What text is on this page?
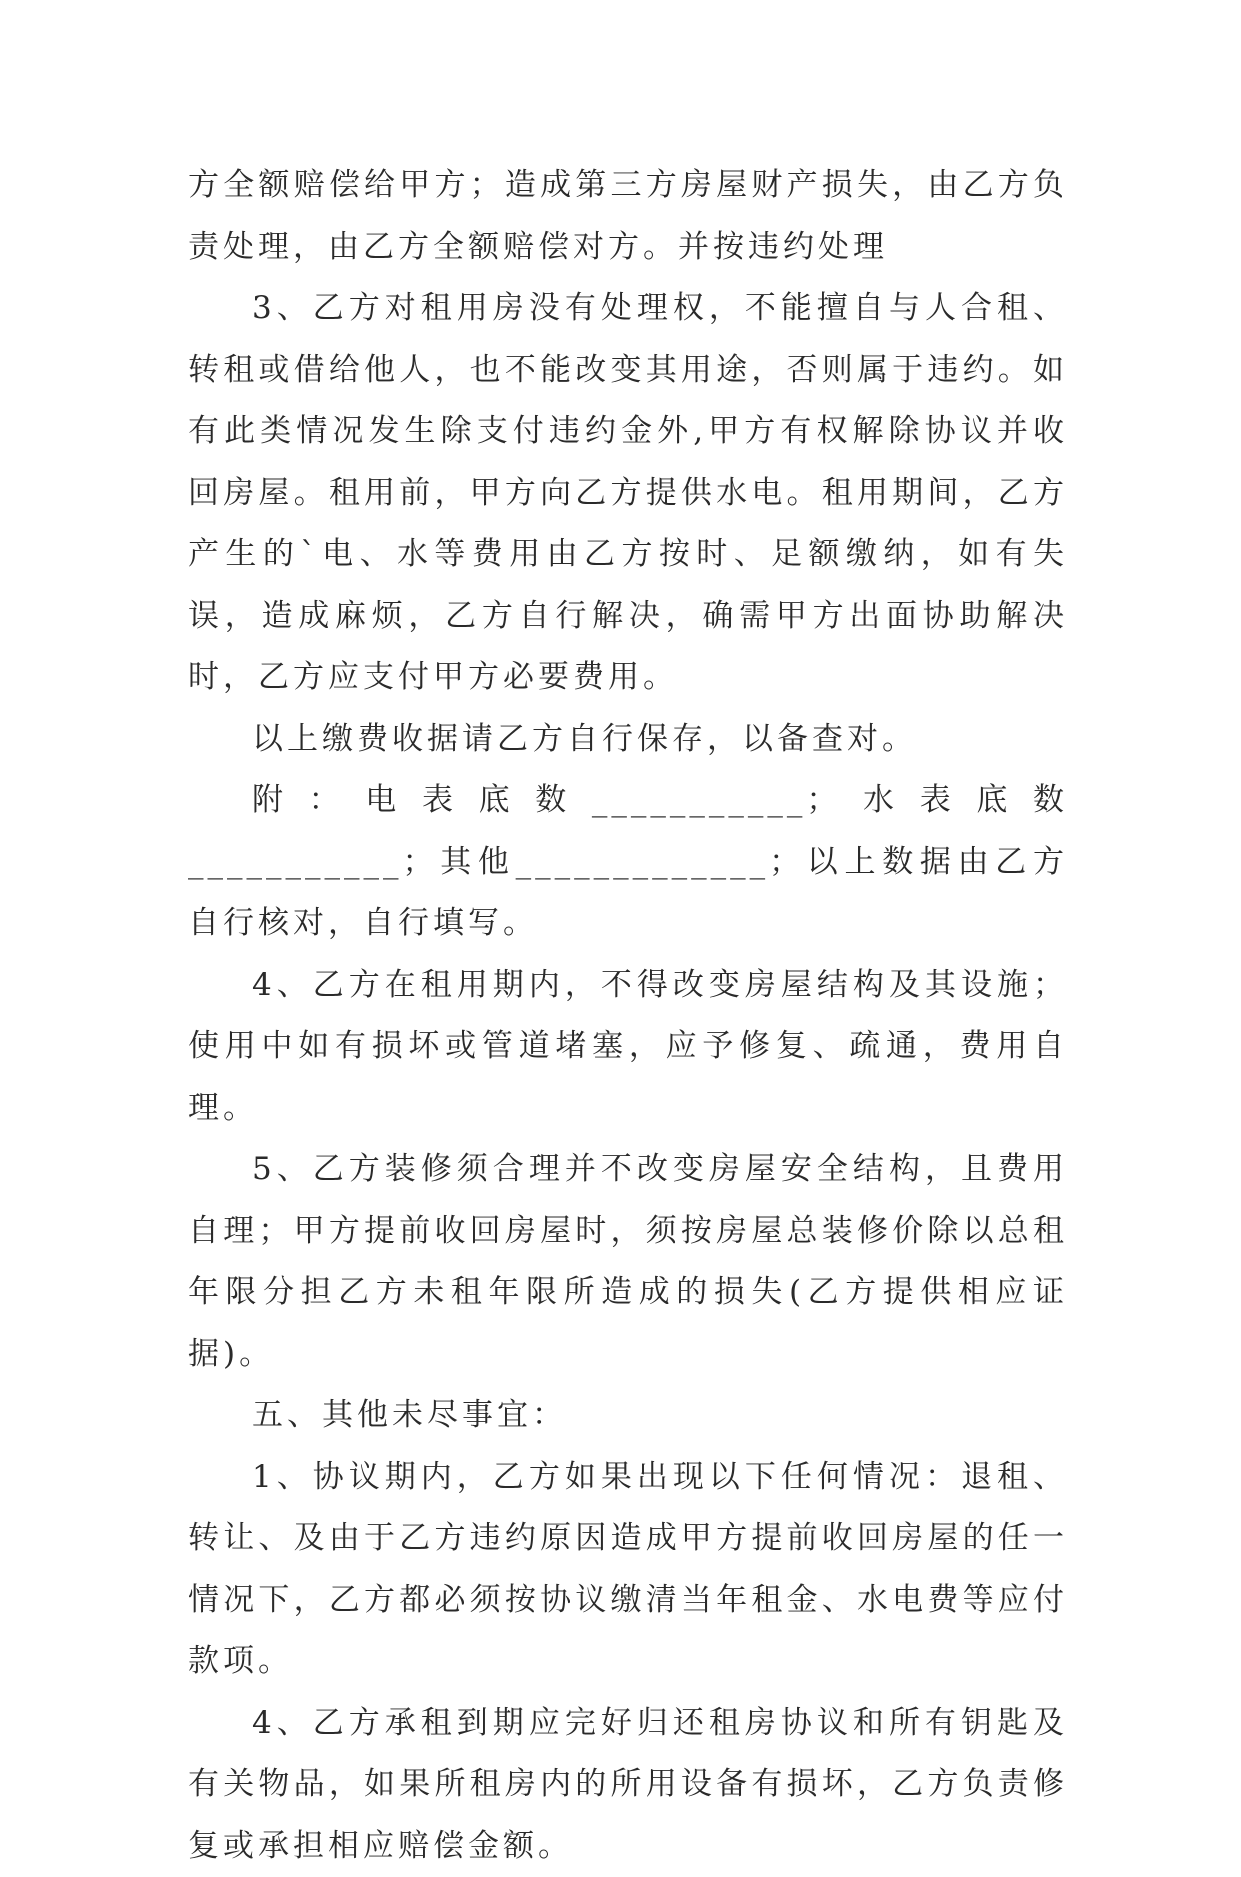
方全额赔偿给甲方；造成第三方房屋财产损失，由乙方负责处理，由乙方全额赔偿对方。并按违约处理

3、乙方对租用房没有处理权，不能擅自与人合租、转租或借给他人，也不能改变其用途，否则属于违约。如有此类情况发生除支付违约金外,甲方有权解除协议并收回房屋。租用前，甲方向乙方提供水电。租用期间，乙方产生的`电、水等费用由乙方按时、足额缴纳，如有失误，造成麻烦，乙方自行解决，确需甲方出面协助解决时，乙方应支付甲方必要费用。

以上缴费收据请乙方自行保存，以备查对。

附：电表底数___________；水表底数___________；其他_____________；以上数据由乙方自行核对，自行填写。

4、乙方在租用期内，不得改变房屋结构及其设施；使用中如有损坏或管道堵塞，应予修复、疏通，费用自理。

5、乙方装修须合理并不改变房屋安全结构，且费用自理；甲方提前收回房屋时，须按房屋总装修价除以总租年限分担乙方未租年限所造成的损失(乙方提供相应证据)。

五、其他未尽事宜：

1、协议期内，乙方如果出现以下任何情况：退租、转让、及由于乙方违约原因造成甲方提前收回房屋的任一情况下，乙方都必须按协议缴清当年租金、水电费等应付款项。

4、乙方承租到期应完好归还租房协议和所有钥匙及有关物品，如果所租房内的所用设备有损坏，乙方负责修复或承担相应赔偿金额。
